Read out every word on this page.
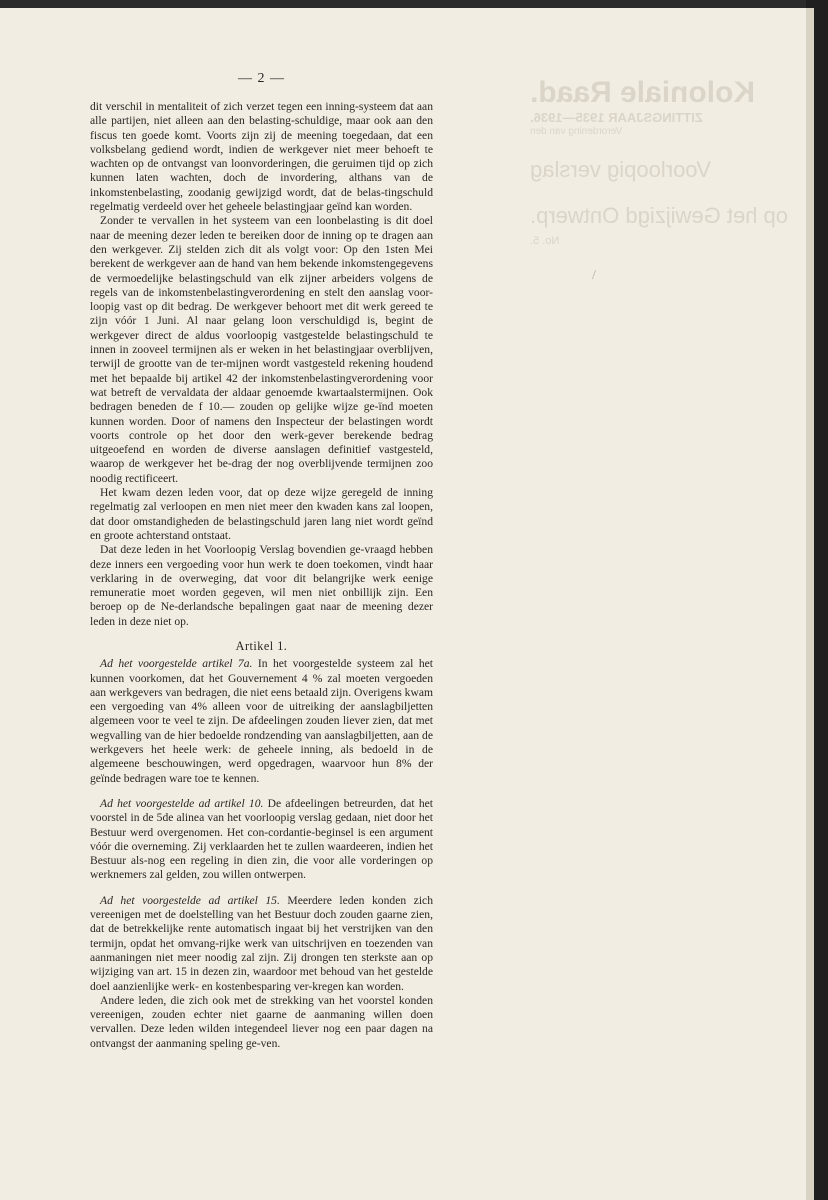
Koloniale Raad.
ZITTINGSJAAR 1935—1936.
Verordening van den
Voorloopig verslag
op het Gewijzigd Ontwerp.
No. 5.
/
— 2 —

dit verschil in mentaliteit of zich verzet tegen een inning-systeem dat aan alle partijen, niet alleen aan den belasting-schuldige, maar ook aan den fiscus ten goede komt. Voorts zijn zij de meening toegedaan, dat een volksbelang gediend wordt, indien de werkgever niet meer behoeft te wachten op de ontvangst van loonvorderingen, die geruimen tijd op zich kunnen laten wachten, doch de invordering, althans van de inkomstenbelasting, zoodanig gewijzigd wordt, dat de belas-tingschuld regelmatig verdeeld over het geheele belastingjaar geïnd kan worden.

Zonder te vervallen in het systeem van een loonbelasting is dit doel naar de meening dezer leden te bereiken door de inning op te dragen aan den werkgever. Zij stelden zich dit als volgt voor: Op den 1sten Mei berekent de werkgever aan de hand van hem bekende inkomstengegevens de vermoedelijke belastingschuld van elk zijner arbeiders volgens de regels van de inkomstenbelastingverordening en stelt den aanslag voor-loopig vast op dit bedrag. De werkgever behoort met dit werk gereed te zijn vóór 1 Juni. Al naar gelang loon verschuldigd is, begint de werkgever direct de aldus voorloopig vastgestelde belastingschuld te innen in zooveel termijnen als er weken in het belastingjaar overblijven, terwijl de grootte van de ter-mijnen wordt vastgesteld rekening houdend met het bepaalde bij artikel 42 der inkomstenbelastingverordening voor wat betreft de vervaldata der aldaar genoemde kwartaalstermijnen. Ook bedragen beneden de f 10.— zouden op gelijke wijze ge-ïnd moeten kunnen worden. Door of namens den Inspecteur der belastingen wordt voorts controle op het door den werk-gever berekende bedrag uitgeoefend en worden de diverse aanslagen definitief vastgesteld, waarop de werkgever het be-drag der nog overblijvende termijnen zoo noodig rectificeert.

Het kwam dezen leden voor, dat op deze wijze geregeld de inning regelmatig zal verloopen en men niet meer den kwaden kans zal loopen, dat door omstandigheden de belastingschuld jaren lang niet wordt geïnd en groote achterstand ontstaat.

Dat deze leden in het Voorloopig Verslag bovendien ge-vraagd hebben deze inners een vergoeding voor hun werk te doen toekomen, vindt haar verklaring in de overweging, dat voor dit belangrijke werk eenige remuneratie moet worden gegeven, wil men niet onbillijk zijn. Een beroep op de Ne-derlandsche bepalingen gaat naar de meening dezer leden in deze niet op.

Artikel 1.

Ad het voorgestelde artikel 7a. In het voorgestelde systeem zal het kunnen voorkomen, dat het Gouvernement 4 % zal moeten vergoeden aan werkgevers van bedragen, die niet eens betaald zijn. Overigens kwam een vergoeding van 4% alleen voor de uitreiking der aanslagbiljetten algemeen voor te veel te zijn. De afdeelingen zouden liever zien, dat met wegvalling van de hier bedoelde rondzending van aanslagbiljetten, aan de werkgevers het heele werk: de geheele inning, als bedoeld in de algemeene beschouwingen, werd opgedragen, waarvoor hun 8% der geïnde bedragen ware toe te kennen.

Ad het voorgestelde ad artikel 10. De afdeelingen betreurden, dat het voorstel in de 5de alinea van het voorloopig verslag gedaan, niet door het Bestuur werd overgenomen. Het con-cordantie-beginsel is een argument vóór die overneming. Zij verklaarden het te zullen waardeeren, indien het Bestuur als-nog een regeling in dien zin, die voor alle vorderingen op werknemers zal gelden, zou willen ontwerpen.

Ad het voorgestelde ad artikel 15. Meerdere leden konden zich vereenigen met de doelstelling van het Bestuur doch zouden gaarne zien, dat de betrekkelijke rente automatisch ingaat bij het verstrijken van den termijn, opdat het omvang-rijke werk van uitschrijven en toezenden van aanmaningen niet meer noodig zal zijn. Zij drongen ten sterkste aan op wijziging van art. 15 in dezen zin, waardoor met behoud van het gestelde doel aanzienlijke werk- en kostenbesparing ver-kregen kan worden.

Andere leden, die zich ook met de strekking van het voorstel konden vereenigen, zouden echter niet gaarne de aanmaning willen doen vervallen. Deze leden wilden integendeel liever nog een paar dagen na ontvangst der aanmaning speling ge-ven.
